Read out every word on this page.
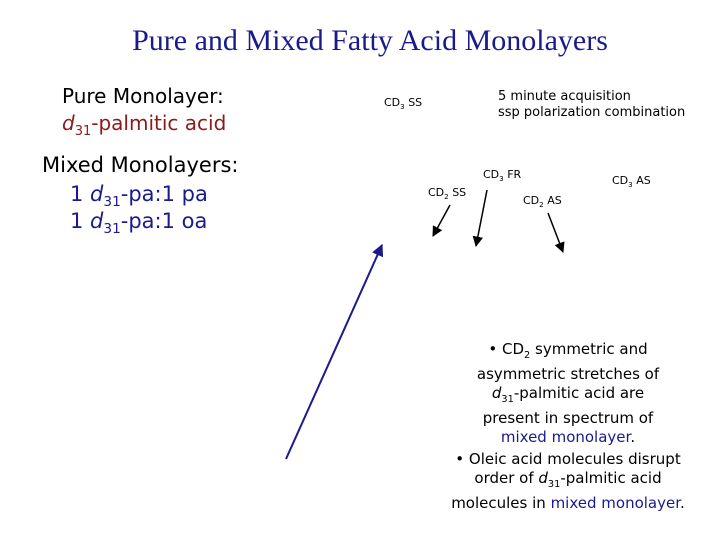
Pure and Mixed Fatty Acid Monolayers
Pure Monolayer:
$d_{31}$-palmitic acid
Mixed Monolayers:
1 $d_{31}-pa:1$ pa
1 $d_{31}-pa:1$ oa
$CD_3$ SS
$CD_3$ FR
$CD_2$ SS
$CD_2$ AS
$CD_3$ AS
5 minute acquisition
ssp polarization combination
• $CD_2$ symmetric and asymmetric stretches of $d_{31}$-palmitic acid are present in spectrum of mixed monolayer.
• Oleic acid molecules disrupt order of $d_{31}$-palmitic acid molecules in mixed monolayer.
